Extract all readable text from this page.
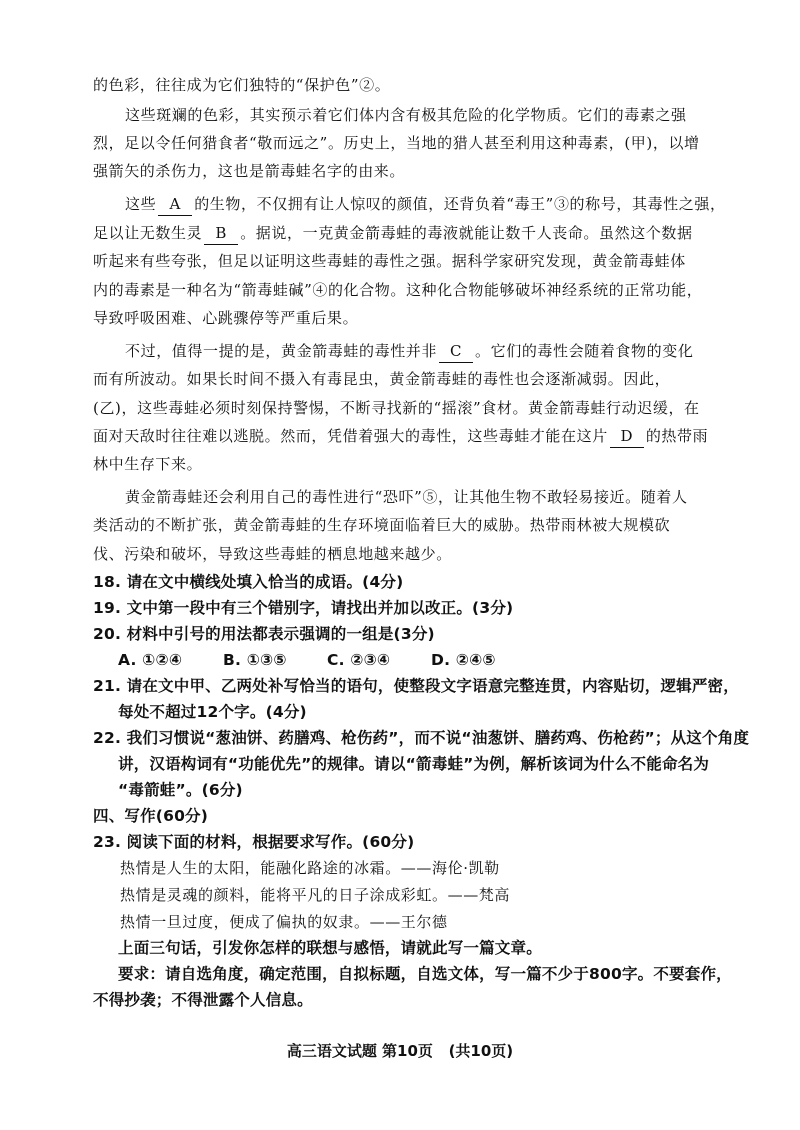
的色彩，往往成为它们独特的“保护色”②。
这些斑斓的色彩，其实预示着它们体内含有极其危险的化学物质。它们的毒素之强
烈，足以令任何猎食者“敬而远之”。历史上，当地的猎人甚至利用这种毒素，(甲)，以增
强箭矢的杀伤力，这也是箭毒蛙名字的由来。
这些 A 的生物，不仅拥有让人惊叹的颜值，还背负着“毒王”③的称号，其毒性之强，
足以让无数生灵 B 。据说，一克黄金箭毒蛙的毒液就能让数千人丧命。虽然这个数据
听起来有些夸张，但足以证明这些毒蛙的毒性之强。据科学家研究发现，黄金箭毒蛙体
内的毒素是一种名为“箭毒蛙碱”④的化合物。这种化合物能够破坏神经系统的正常功能，
导致呼吸困难、心跳骤停等严重后果。
不过，值得一提的是，黄金箭毒蛙的毒性并非 C 。它们的毒性会随着食物的变化
而有所波动。如果长时间不摄入有毒昆虫，黄金箭毒蛙的毒性也会逐渐减弱。因此，
(乙)，这些毒蛙必须时刻保持警惕，不断寻找新的“摇滚”食材。黄金箭毒蛙行动迟缓，在
面对天敌时往往难以逃脱。然而，凭借着强大的毒性，这些毒蛙才能在这片 D 的热带雨
林中生存下来。
黄金箭毒蛙还会利用自己的毒性进行“恐吓”⑤，让其他生物不敢轻易接近。随着人
类活动的不断扩张，黄金箭毒蛙的生存环境面临着巨大的威胁。热带雨林被大规模砍
伐、污染和破坏，导致这些毒蛙的栖息地越来越少。
18. 请在文中横线处填入恰当的成语。(4分)
19. 文中第一段中有三个错别字，请找出并加以改正。(3分)
20. 材料中引号的用法都表示强调的一组是(3分)
A. ①②④	B. ①③⑤	C. ②③④	D. ②④⑤
21. 请在文中甲、乙两处补写恰当的语句，使整段文字语意完整连贯，内容贴切，逻辑严密，
每处不超过12个字。(4分)
22. 我们习惯说“葱油饼、药膳鸡、枪伤药”，而不说“油葱饼、膳药鸡、伤枪药”；从这个角度
讲，汉语构词有“功能优先”的规律。请以“箭毒蛙”为例，解析该词为什么不能命名为
“毒箭蛙”。(6分)
四、写作(60分)
23. 阅读下面的材料，根据要求写作。(60分)
热情是人生的太阳，能融化路途的冰霜。——海伦·凯勒
热情是灵魂的颜料，能将平凡的日子涂成彩虹。——梵高
热情一旦过度，便成了偏执的奴隶。——王尔德
上面三句话，引发你怎样的联想与感悟，请就此写一篇文章。
要求：请自选角度，确定范围，自拟标题，自选文体，写一篇不少于800字。不要套作，
不得抄袭；不得泄露个人信息。
高三语文试题 第10页   (共10页)
